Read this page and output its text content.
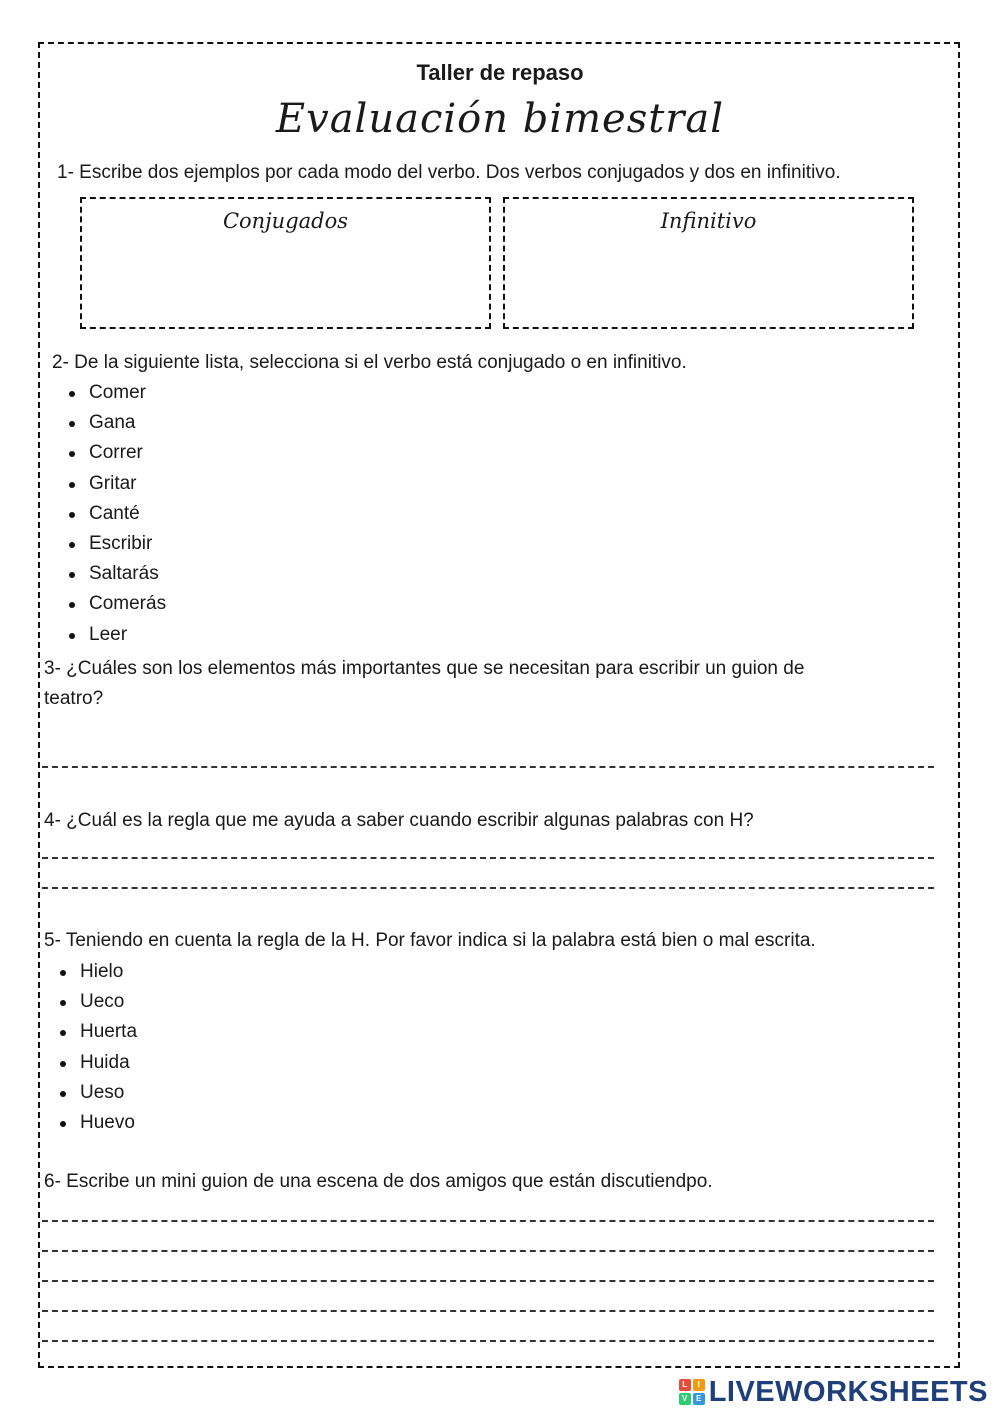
Taller de repaso
Evaluación bimestral
1- Escribe dos ejemplos por cada modo del verbo. Dos verbos conjugados y dos en infinitivo.
Conjugados	Infinitivo
2- De la siguiente lista, selecciona si el verbo está conjugado o en infinitivo.
Comer
Gana
Correr
Gritar
Canté
Escribir
Saltarás
Comerás
Leer
3- ¿Cuáles son los elementos más importantes que se necesitan para escribir un guion de
teatro?
4- ¿Cuál es la regla que me ayuda a saber cuando escribir algunas palabras con H?
5- Teniendo en cuenta la regla de la H. Por favor indica si la palabra está bien o mal escrita.
Hielo
Ueco
Huerta
Huida
Ueso
Huevo
6- Escribe un mini guion de una escena de dos amigos que están discutiendpo.
L	I
V	E LIVEWORKSHEETS
